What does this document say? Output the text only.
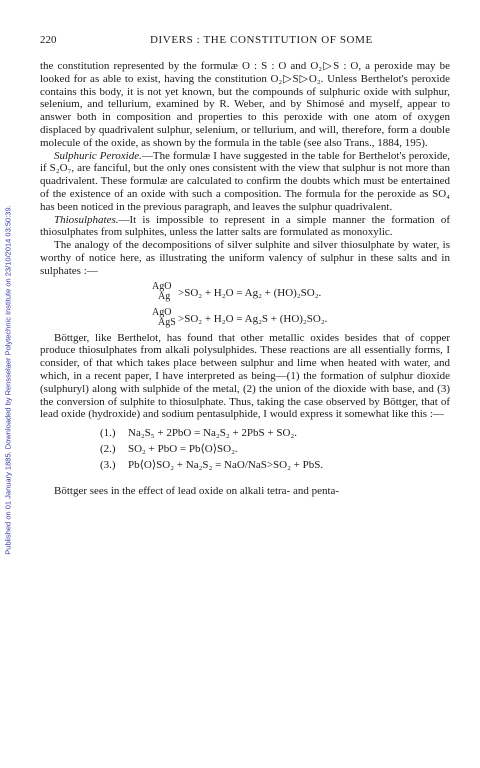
Published on 01 January 1885. Downloaded by Rensselaer Polytechnic Institute on 23/10/2014 03:50:39.
220	DIVERS : THE CONSTITUTION OF SOME

the constitution represented by the formulæ O : S : O and O₂▷S : O, a peroxide may be looked for as able to exist, having the constitution O₂▷S▷O₂. Unless Berthelot's peroxide contains this body, it is not yet known, but the compounds of sulphuric oxide with sulphur, selenium, and tellurium, examined by R. Weber, and by Shimosé and myself, appear to answer both in composition and properties to this peroxide with one atom of oxygen displaced by quadrivalent sulphur, selenium, or tellurium, and will, therefore, form a double molecule of the oxide, as shown by the formula in the table (see also Trans., 1884, 195).

Sulphuric Peroxide.—The formulæ I have suggested in the table for Berthelot's peroxide, if S₂O₇, are fanciful, but the only ones consistent with the view that sulphur is not more than quadrivalent. These formulæ are calculated to confirm the doubts which must be entertained of the existence of an oxide with such a composition. The formula for the peroxide as SO₄ has been noticed in the previous paragraph, and leaves the sulphur quadrivalent.

Thiosulphates.—It is impossible to represent in a simple manner the formation of thiosulphates from sulphites, unless the latter salts are formulated as monoxylic.

The analogy of the decompositions of silver sulphite and silver thiosulphate by water, is worthy of notice here, as illustrating the uniform valency of sulphur in these salts and in sulphates :—

AgO
Ag >SO₂ + H₂O = Ag₂ + (HO)₂SO₂.
AgO
AgS >SO₂ + H₂O = Ag₂S + (HO)₂SO₂.

Böttger, like Berthelot, has found that other metallic oxides besides that of copper produce thiosulphates from alkali polysulphides. These reactions are all essentially forms, I consider, of that which takes place between sulphur and lime when heated with water, and which, in a recent paper, I have interpreted as being—(1) the formation of sulphur dioxide (sulphuryl) along with sulphide of the metal, (2) the union of the dioxide with base, and (3) the conversion of sulphite to thiosulphate. Thus, taking the case observed by Böttger, that of lead oxide (hydroxide) and sodium pentasulphide, I would express it somewhat like this :—

(1.) Na₂S₅ + 2PbO = Na₂S₂ + 2PbS + SO₂.
(2.) SO₂ + PbO = Pb⟨O⟩SO₂.
(3.) Pb⟨O⟩SO₂ + Na₂S₂ = NaO/NaS>SO₂ + PbS.

Böttger sees in the effect of lead oxide on alkali tetra- and penta-
